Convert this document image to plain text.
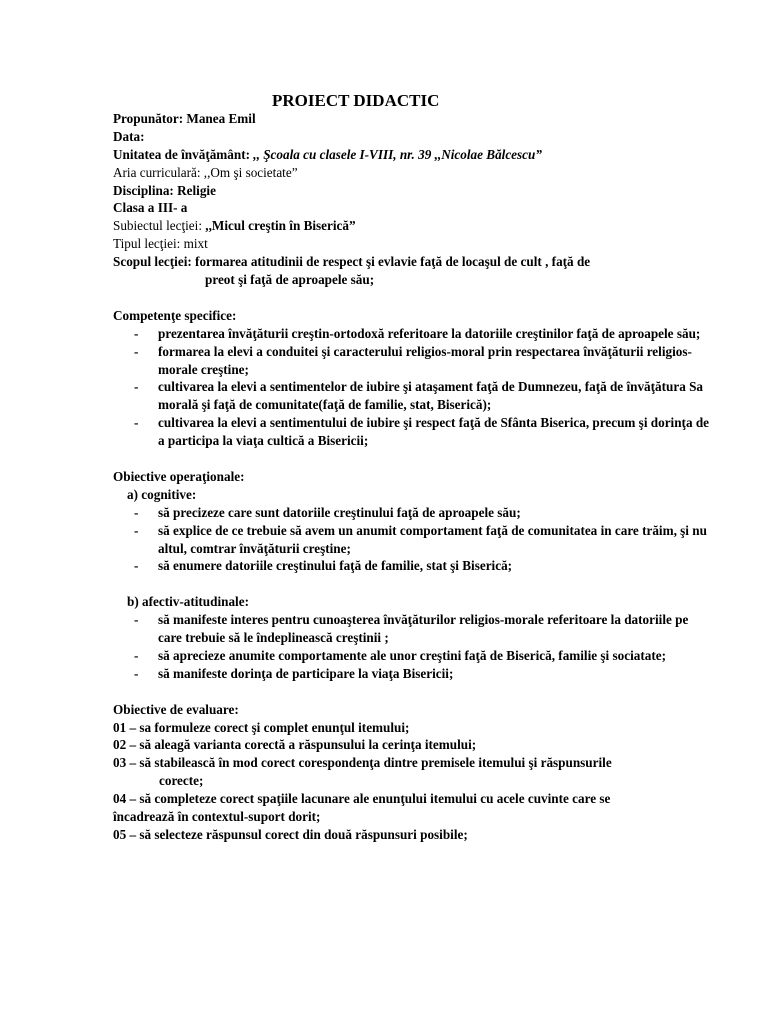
PROIECT DIDACTIC
Propunător: Manea Emil
Data:
Unitatea de învăţământ: ,, Şcoala cu clasele I-VIII, nr. 39 ,,Nicolae Bălcescu”
Aria curriculară: ,,Om şi societate”
Disciplina: Religie
Clasa a III- a
Subiectul lecţiei: ,,Micul creştin în Biserică”
Tipul lecţiei: mixt
Scopul lecţiei: formarea atitudinii de respect şi evlavie faţă de locaşul de cult , faţă de
preot şi faţă de aproapele său;
Competenţe specifice:
- prezentarea învăţăturii creştin-ortodoxă referitoare la datoriile creştinilor faţă de aproapele său;
- formarea la elevi a conduitei şi caracterului religios-moral prin respectarea învăţăturii religios-morale creştine;
- cultivarea la elevi a sentimentelor de iubire şi ataşament faţă de Dumnezeu, faţă de învăţătura Sa morală şi faţă de comunitate(faţă de familie, stat, Biserică);
- cultivarea la elevi a sentimentului de iubire şi respect faţă de Sfânta Biserica, precum şi dorinţa de a participa la viaţa cultică a Bisericii;
Obiective operaţionale:
a) cognitive:
- să precizeze care sunt datoriile creştinului faţă de aproapele său;
- să explice de ce trebuie să avem un anumit comportament faţă de comunitatea in care trăim, şi nu altul, comtrar învăţăturii creştine;
- să enumere datoriile creştinului faţă de familie, stat şi Biserică;
b) afectiv-atitudinale:
- să manifeste interes pentru cunoaşterea învăţăturilor religios-morale referitoare la datoriile pe care trebuie să le îndeplinească creştinii ;
- să aprecieze anumite comportamente ale unor creştini faţă de Biserică, familie şi sociatate;
- să manifeste dorinţa de participare la viaţa Bisericii;
Obiective de evaluare:
01 – sa formuleze corect şi complet enunţul itemului;
02 – să aleagă varianta corectă a răspunsului la cerinţa itemului;
03 – să stabilească în mod corect corespondenţa dintre premisele itemului şi răspunsurile
corecte;
04 – să completeze corect spaţiile lacunare ale enunţului itemului cu acele cuvinte care se
încadrează în contextul-suport dorit;
05 – să selecteze răspunsul corect din două răspunsuri posibile;
